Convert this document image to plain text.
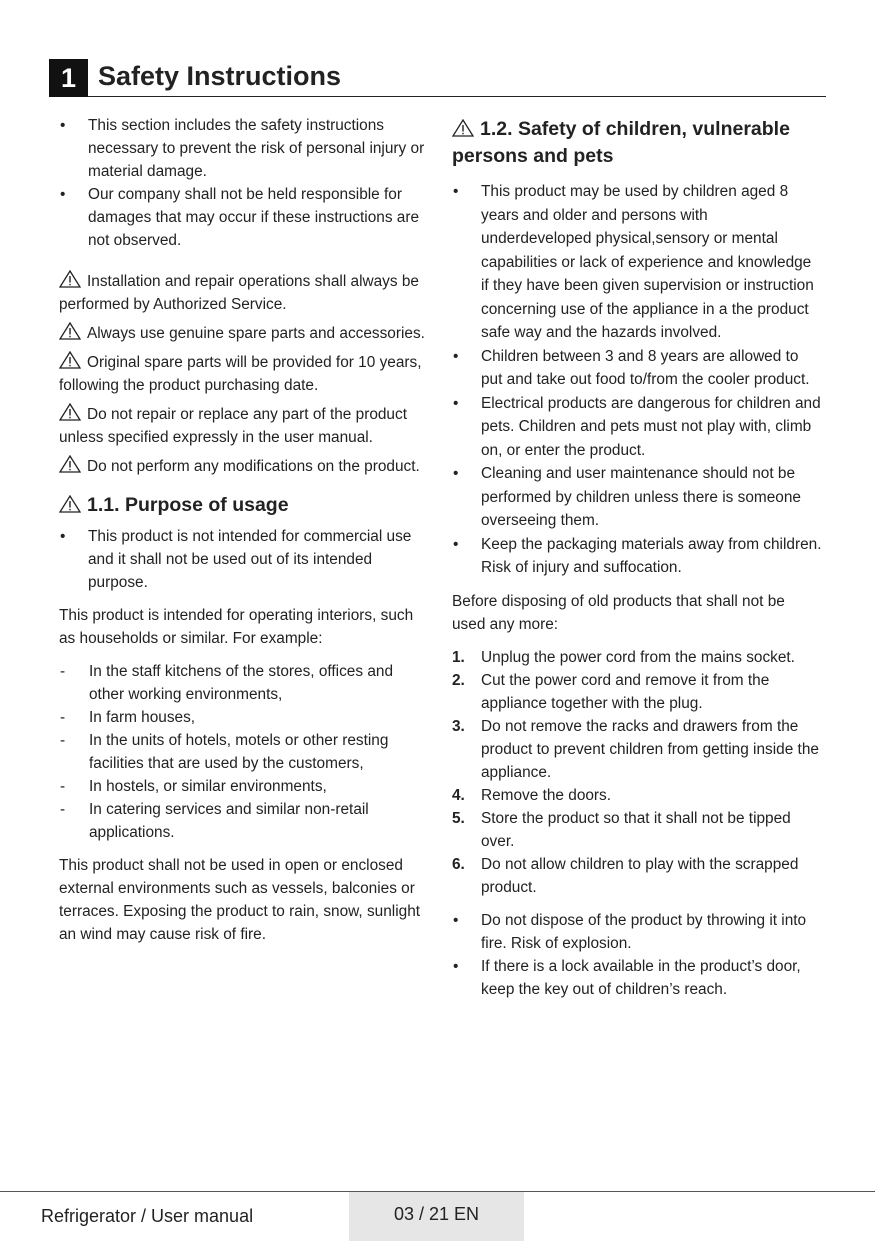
1 Safety Instructions
• This section includes the safety instructions necessary to prevent the risk of personal injury or material damage.
• Our company shall not be held responsible for damages that may occur if these instructions are not observed.

Installation and repair operations shall always be performed by Authorized Service.

Always use genuine spare parts and accessories.

Original spare parts will be provided for 10 years, following the product purchasing date.

Do not repair or replace any part of the product unless specified expressly in the user manual.

Do not perform any modifications on the product.

1.1. Purpose of usage
• This product is not intended for commercial use and it shall not be used out of its intended purpose.

This product is intended for operating interiors, such as households or similar. For example:

- In the staff kitchens of the stores, offices and other working environments,
- In farm houses,
- In the units of hotels, motels or other resting facilities that are used by the customers,
- In hostels, or similar environments,
- In catering services and similar non-retail applications.

This product shall not be used in open or enclosed external environments such as vessels, balconies or terraces. Exposing the product to rain, snow, sunlight an wind may cause risk of fire.

1.2. Safety of children, vulnerable persons and pets
• This product may be used by children aged 8 years and older and persons with underdeveloped physical,sensory or mental capabilities or lack of experience and knowledge if they have been given supervision or instruction concerning use of the appliance in a the product safe way and the hazards involved.
• Children between 3 and 8 years are allowed to put and take out food to/from the cooler product.
• Electrical products are dangerous for children and pets. Children and pets must not play with, climb on, or enter the product.
• Cleaning and user maintenance should not be performed by children unless there is someone overseeing them.
• Keep the packaging materials away from children. Risk of injury and suffocation.

Before disposing of old products that shall not be used any more:

1. Unplug the power cord from the mains socket.
2. Cut the power cord and remove it from the appliance together with the plug.
3. Do not remove the racks and drawers from the product to prevent children from getting inside the appliance.
4. Remove the doors.
5. Store the product so that it shall not be tipped over.
6. Do not allow children to play with the scrapped product.
• Do not dispose of the product by throwing it into fire. Risk of explosion.
• If there is a lock available in the product’s door, keep the key out of children’s reach.
Refrigerator / User manual	03 / 21 EN
